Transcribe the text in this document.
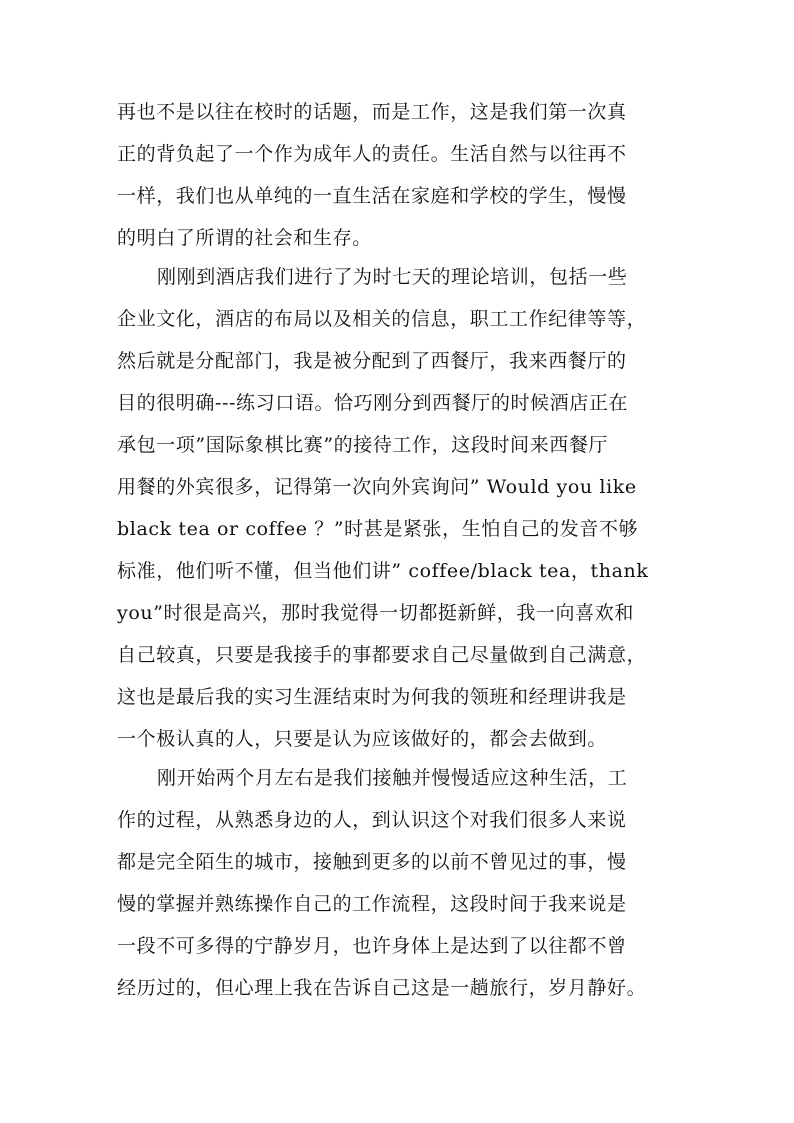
再也不是以往在校时的话题，而是工作，这是我们第一次真
正的背负起了一个作为成年人的责任。生活自然与以往再不
一样，我们也从单纯的一直生活在家庭和学校的学生，慢慢
的明白了所谓的社会和生存。
刚刚到酒店我们进行了为时七天的理论培训，包括一些
企业文化，酒店的布局以及相关的信息，职工工作纪律等等，
然后就是分配部门，我是被分配到了西餐厅，我来西餐厅的
目的很明确---练习口语。恰巧刚分到西餐厅的时候酒店正在
承包一项”国际象棋比赛”的接待工作，这段时间来西餐厅
用餐的外宾很多，记得第一次向外宾询问” Would you like
black tea or coffee ？”时甚是紧张，生怕自己的发音不够
标准，他们听不懂，但当他们讲” coffee/black tea，thank
you”时很是高兴，那时我觉得一切都挺新鲜，我一向喜欢和
自己较真，只要是我接手的事都要求自己尽量做到自己满意，
这也是最后我的实习生涯结束时为何我的领班和经理讲我是
一个极认真的人，只要是认为应该做好的，都会去做到。
刚开始两个月左右是我们接触并慢慢适应这种生活，工
作的过程，从熟悉身边的人，到认识这个对我们很多人来说
都是完全陌生的城市，接触到更多的以前不曾见过的事，慢
慢的掌握并熟练操作自己的工作流程，这段时间于我来说是
一段不可多得的宁静岁月，也许身体上是达到了以往都不曾
经历过的，但心理上我在告诉自己这是一趟旅行，岁月静好。
